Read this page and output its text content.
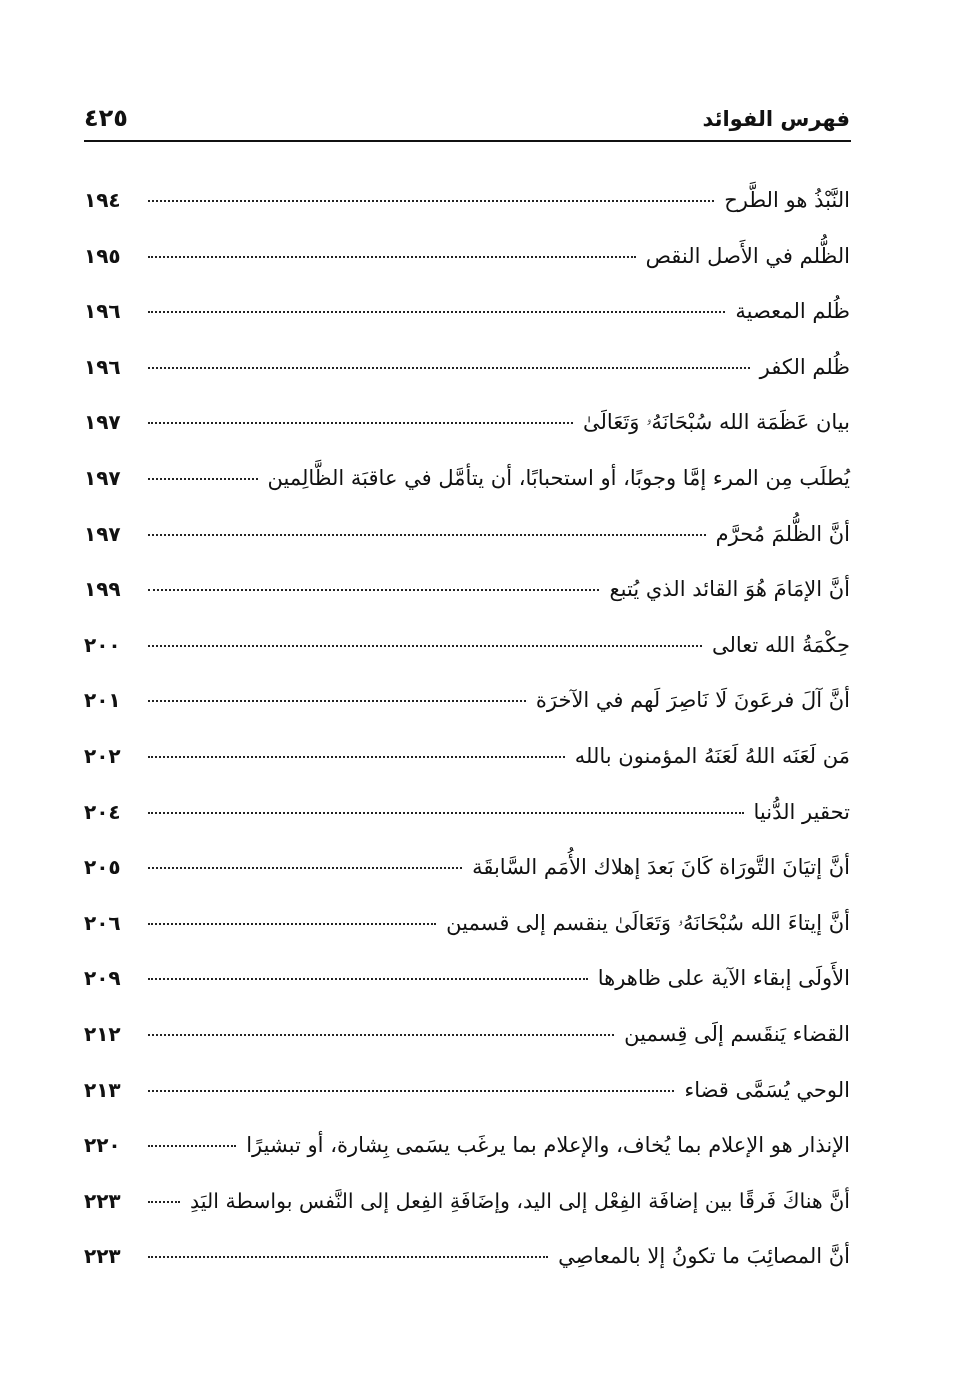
فهرس الفوائد
٤٢٥
النَّبْذُ هو الطَّرح
١٩٤
الظُّلم في الأَصل النقص
١٩٥
ظُلم المعصية
١٩٦
ظُلم الكفر
١٩٦
بيان عَظَمَة الله سُبْحَانَهُۥ وَتَعَالَىٰ
١٩٧
يُطلَب مِن المرء إمَّا وجوبًا، أو استحبابًا، أن يتأمَّل في عاقبَة الظَّالِمين
١٩٧
أنَّ الظُّلمَ مُحرَّم
١٩٧
أنَّ الإمَامَ هُوَ القائد الذي يُتبع
١٩٩
حِكْمَةُ الله تعالى
٢٠٠
أنَّ آلَ فرعَونَ لَا نَاصِرَ لَهم في الآخرَة
٢٠١
مَن لَعَنَه اللهُ لَعَنَهُ المؤمنون بالله
٢٠٢
تحقير الدُّنيا
٢٠٤
أنَّ إتيَانَ التَّورَاة كَانَ بَعدَ إهلاك الأُمَم السَّابقَة
٢٠٥
أنَّ إيتاءَ الله سُبْحَانَهُۥ وَتَعَالَىٰ ينقسم إلى قسمين
٢٠٦
الأَولَى إبقاء الآية على ظاهرها
٢٠٩
القضاء يَنقَسم إلَى قِسمين
٢١٢
الوحي يُسَمَّى قضاء
٢١٣
الإنذار هو الإعلام بما يُخاف، والإعلام بما يرغَب يسَمى بِشارة، أو تبشيرًا
٢٢٠
أنَّ هناكَ فَرقًا بين إضافَة الفِعْل إلى اليد، وإضَافَةِ الفِعل إلى النَّفس بواسطة اليَدِ
٢٢٣
أنَّ المصائِبَ ما تكونُ إلا بالمعاصِي
٢٢٣
